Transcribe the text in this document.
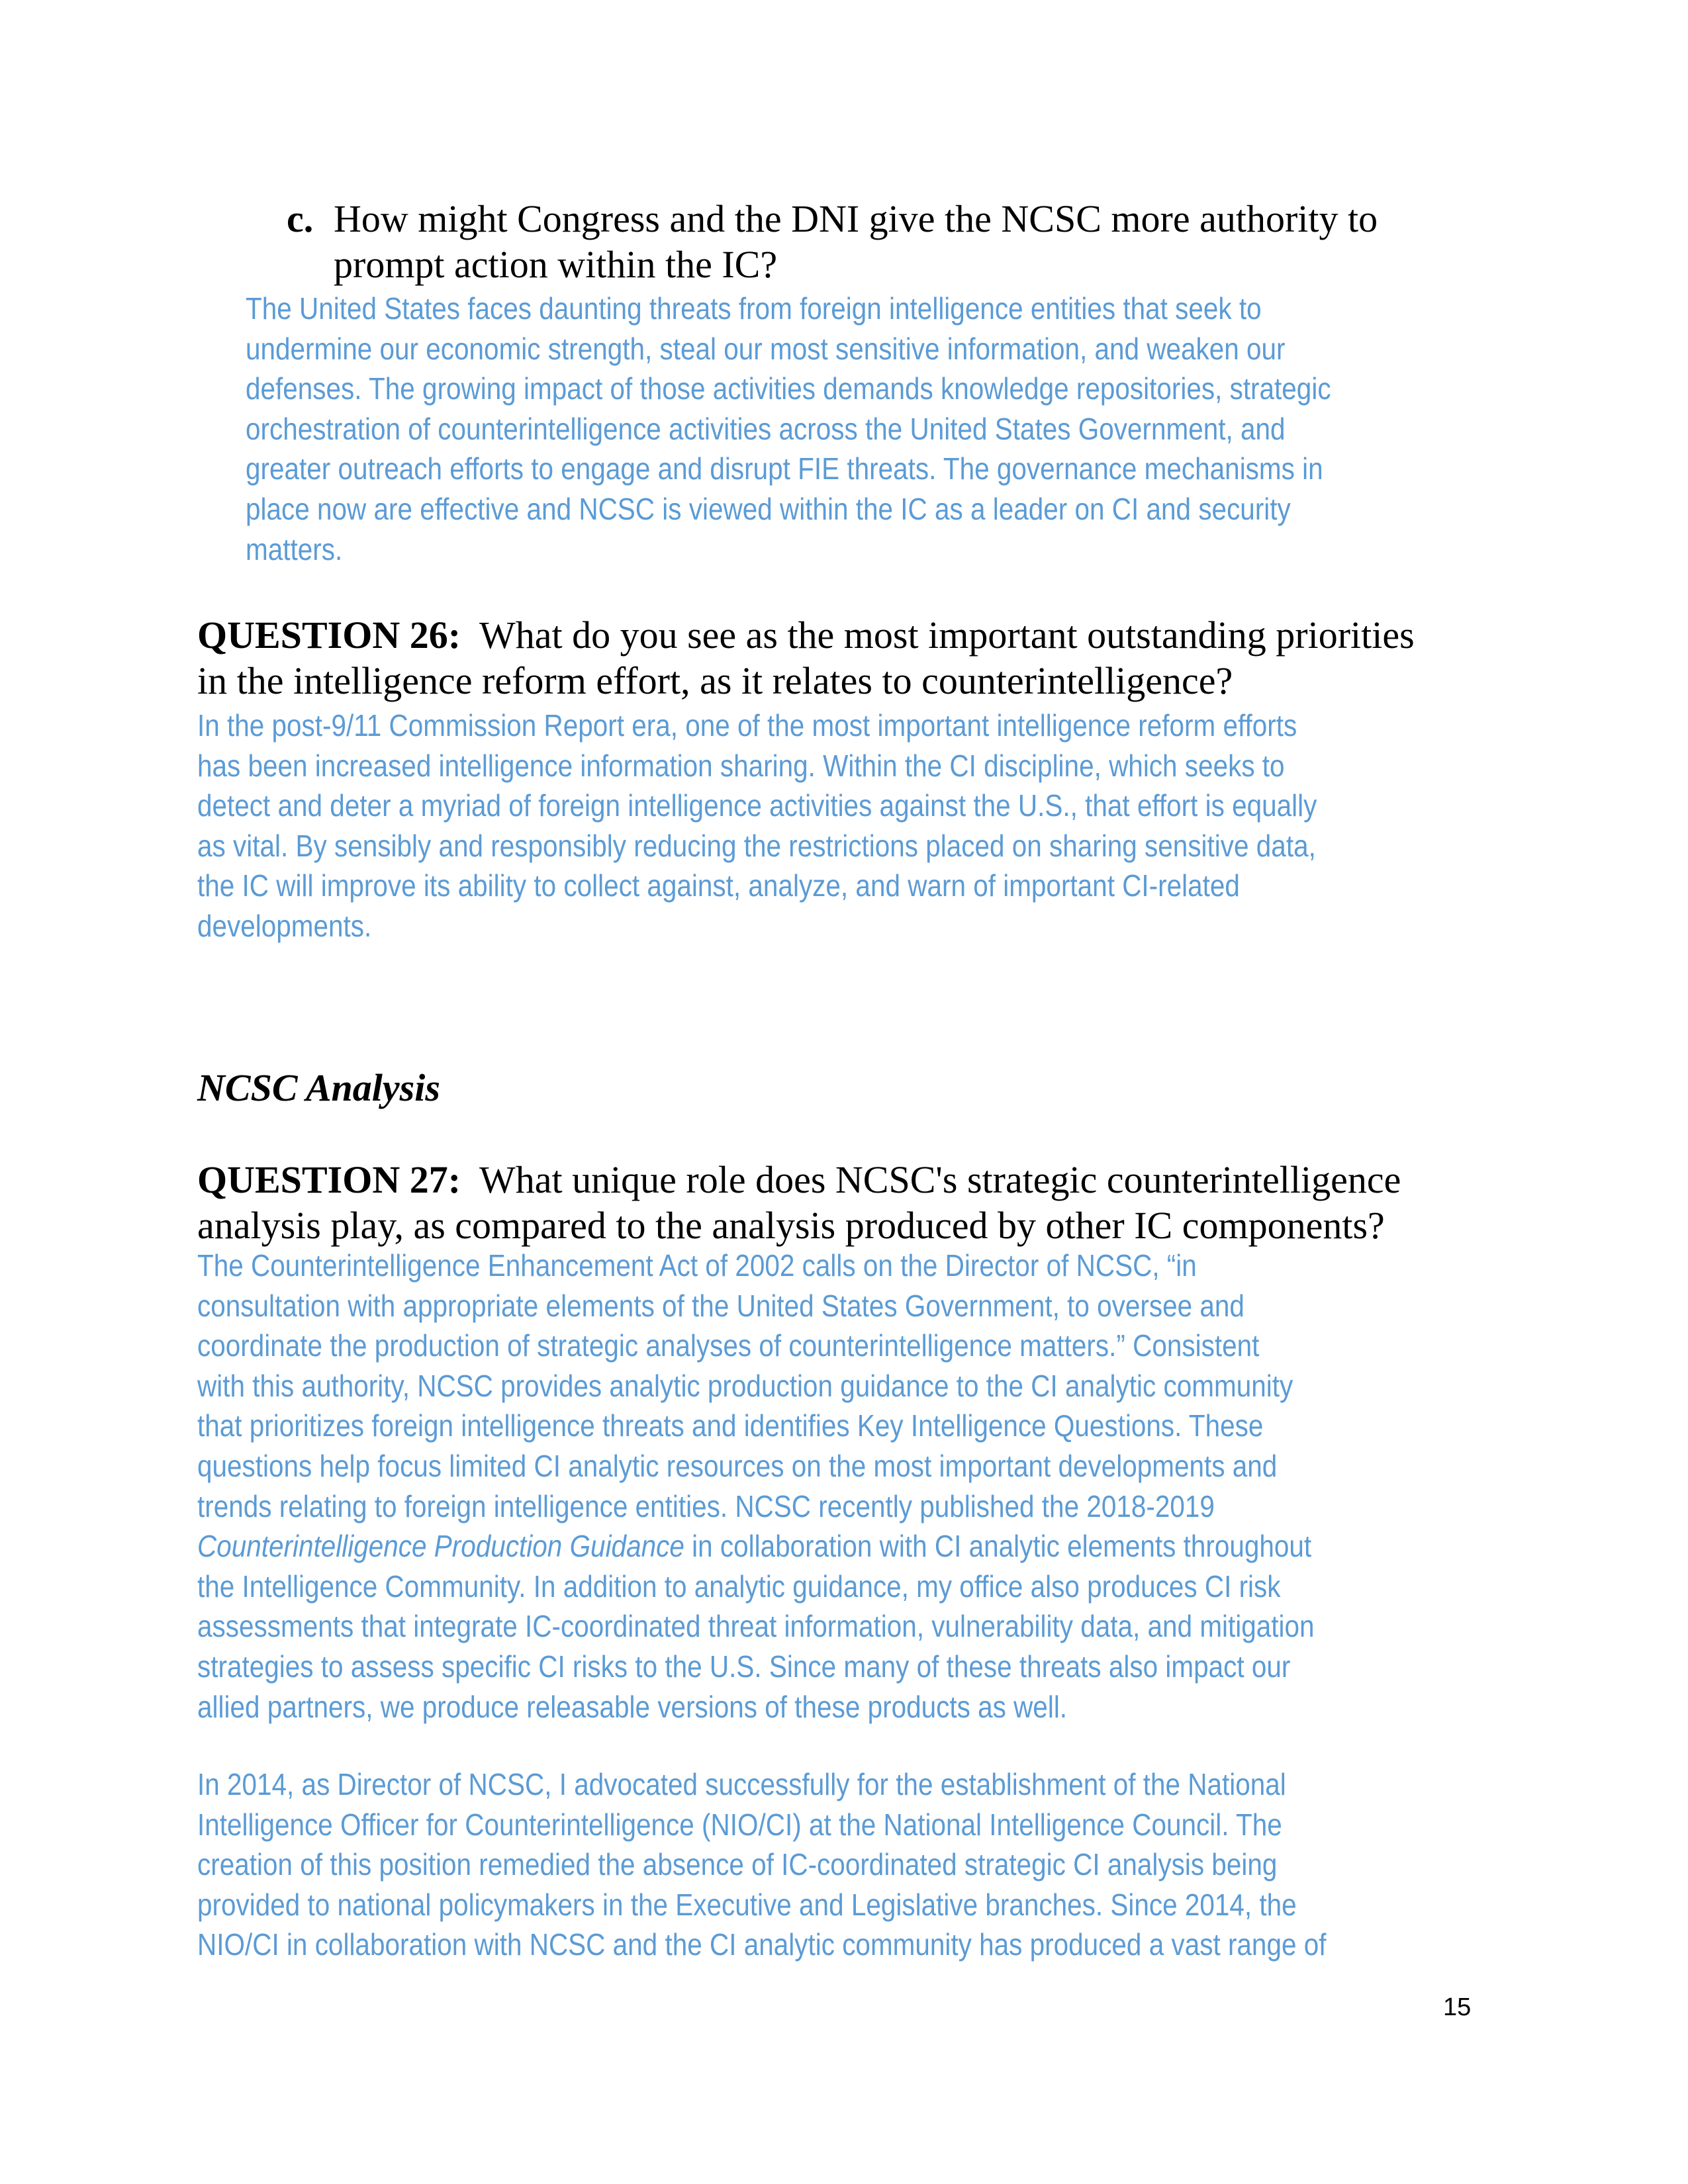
c. How might Congress and the DNI give the NCSC more authority to
prompt action within the IC?
The United States faces daunting threats from foreign intelligence entities that seek to
undermine our economic strength, steal our most sensitive information, and weaken our
defenses. The growing impact of those activities demands knowledge repositories, strategic
orchestration of counterintelligence activities across the United States Government, and
greater outreach efforts to engage and disrupt FIE threats. The governance mechanisms in
place now are effective and NCSC is viewed within the IC as a leader on CI and security
matters.
QUESTION 26: What do you see as the most important outstanding priorities
in the intelligence reform effort, as it relates to counterintelligence?
In the post-9/11 Commission Report era, one of the most important intelligence reform efforts
has been increased intelligence information sharing. Within the CI discipline, which seeks to
detect and deter a myriad of foreign intelligence activities against the U.S., that effort is equally
as vital. By sensibly and responsibly reducing the restrictions placed on sharing sensitive data,
the IC will improve its ability to collect against, analyze, and warn of important CI-related
developments.
NCSC Analysis
QUESTION 27: What unique role does NCSC's strategic counterintelligence
analysis play, as compared to the analysis produced by other IC components?
The Counterintelligence Enhancement Act of 2002 calls on the Director of NCSC, “in
consultation with appropriate elements of the United States Government, to oversee and
coordinate the production of strategic analyses of counterintelligence matters.” Consistent
with this authority, NCSC provides analytic production guidance to the CI analytic community
that prioritizes foreign intelligence threats and identifies Key Intelligence Questions. These
questions help focus limited CI analytic resources on the most important developments and
trends relating to foreign intelligence entities. NCSC recently published the 2018-2019
Counterintelligence Production Guidance in collaboration with CI analytic elements throughout
the Intelligence Community. In addition to analytic guidance, my office also produces CI risk
assessments that integrate IC-coordinated threat information, vulnerability data, and mitigation
strategies to assess specific CI risks to the U.S. Since many of these threats also impact our
allied partners, we produce releasable versions of these products as well.
In 2014, as Director of NCSC, I advocated successfully for the establishment of the National
Intelligence Officer for Counterintelligence (NIO/CI) at the National Intelligence Council. The
creation of this position remedied the absence of IC-coordinated strategic CI analysis being
provided to national policymakers in the Executive and Legislative branches. Since 2014, the
NIO/CI in collaboration with NCSC and the CI analytic community has produced a vast range of
15
